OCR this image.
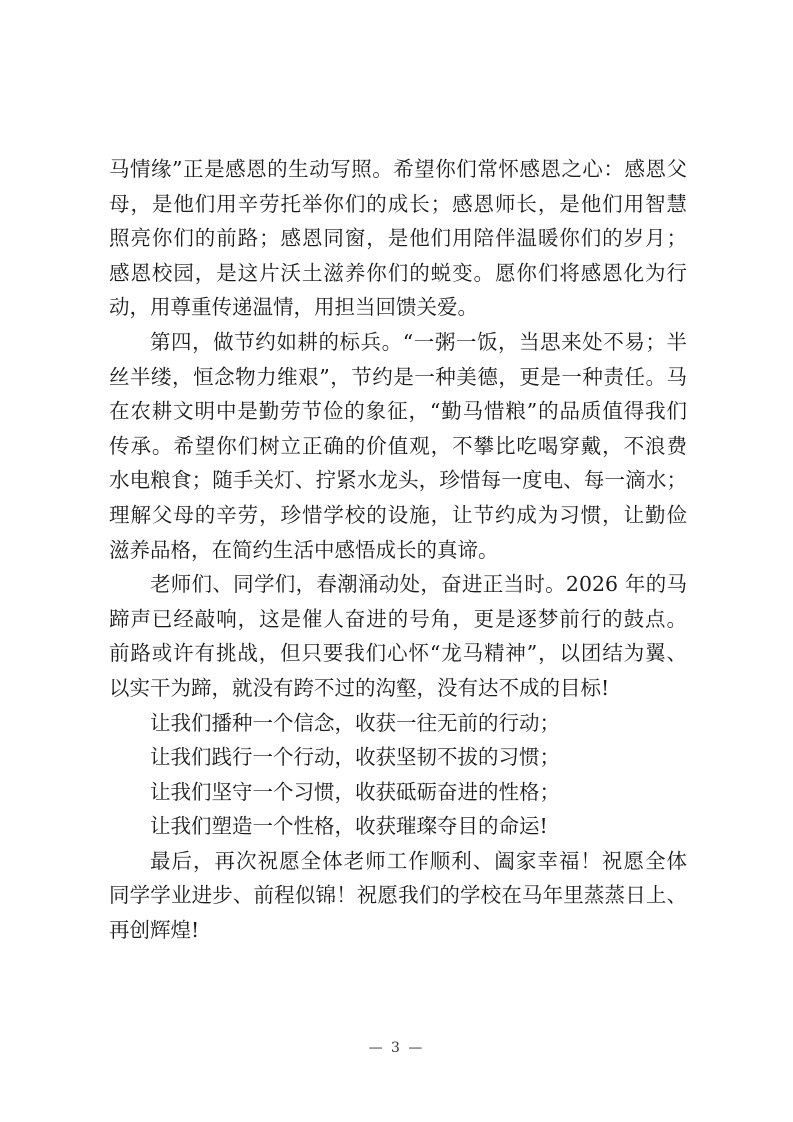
马情缘”正是感恩的生动写照。希望你们常怀感恩之心：感恩父
母，是他们用辛劳托举你们的成长；感恩师长，是他们用智慧
照亮你们的前路；感恩同窗，是他们用陪伴温暖你们的岁月；
感恩校园，是这片沃土滋养你们的蜕变。愿你们将感恩化为行
动，用尊重传递温情，用担当回馈关爱。
第四，做节约如耕的标兵。“一粥一饭，当思来处不易；半
丝半缕，恒念物力维艰”，节约是一种美德，更是一种责任。马
在农耕文明中是勤劳节俭的象征，“勤马惜粮”的品质值得我们
传承。希望你们树立正确的价值观，不攀比吃喝穿戴，不浪费
水电粮食；随手关灯、拧紧水龙头，珍惜每一度电、每一滴水；
理解父母的辛劳，珍惜学校的设施，让节约成为习惯，让勤俭
滋养品格，在简约生活中感悟成长的真谛。
老师们、同学们，春潮涌动处，奋进正当时。2026 年的马
蹄声已经敲响，这是催人奋进的号角，更是逐梦前行的鼓点。
前路或许有挑战，但只要我们心怀“龙马精神”，以团结为翼、
以实干为蹄，就没有跨不过的沟壑，没有达不成的目标!
让我们播种一个信念，收获一往无前的行动；
让我们践行一个行动，收获坚韧不拔的习惯；
让我们坚守一个习惯，收获砥砺奋进的性格；
让我们塑造一个性格，收获璀璨夺目的命运!
最后，再次祝愿全体老师工作顺利、阖家幸福！祝愿全体
同学学业进步、前程似锦！祝愿我们的学校在马年里蒸蒸日上、
再创辉煌!
— 3 —
